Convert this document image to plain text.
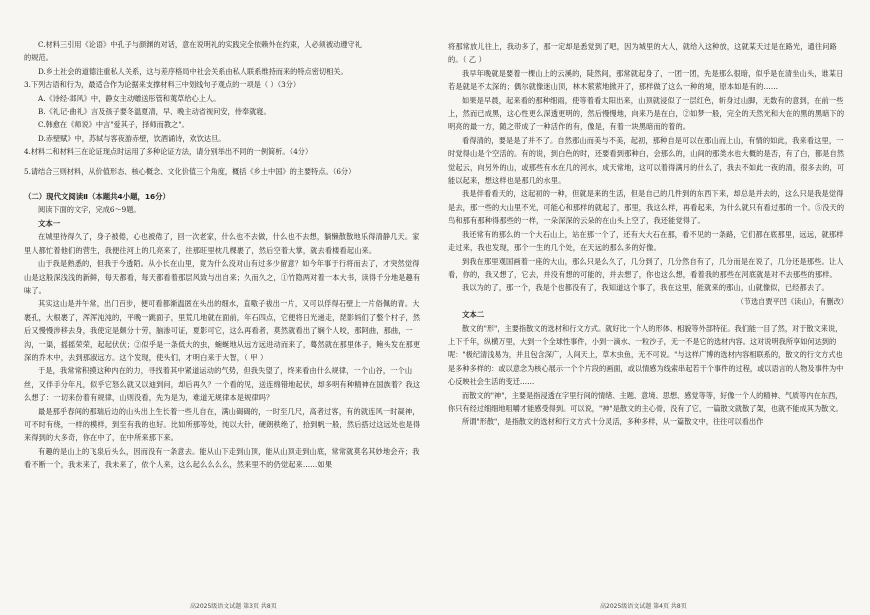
C.材料三引用《论语》中孔子与颜渊的对话，意在说明礼的实践完全依赖外在约束，人必须被动遵守礼

的规范。

D.乡土社会的道德注重私人关系，这与差序格局中社会关系由私人联系维持而来的特点密切相关。

3.下列古语和行为，最适合作为论据来支撑材料三中划线句子观点的一项是（ ）（3分）

A.《诗经·邶风》中，静女主动赠送彤管和荑草给心上人。

B.《礼记·曲礼》言及孩子要冬温夏凊，早、晚主动省视问安，侍奉就寝。

C.韩愈在《师说》中言"爱其子，择师而教之"。

D.赤壁赋》中，苏轼与客夜游赤壁，饮酒诵诗，欢饮达旦。

4.材料二和材料三在论证现点时运用了多种论证方法，请分别举出不同的一例简析。（4分）

5.请结合三则材料，从价值形态、核心概念、文化价值三个角度，概括《乡土中国》的主要特点。（6分）

（二）现代文阅读Ⅱ（本题共4小题，16分）

阅读下面的文字，完成6～9题。

文本一

在城里待得久了，身子被倦，心也被倦了，回一次老家，什么也不去做，什么也不去想，躺懒散散地乐得清静几天。家里人都忙着他们的营生，我便往河上的几亮来了，往那旺里枕几棵裹了，然后空着大掌，就去看楼看起山来。

山于我是熟悉的，但我于今透陌。从小长在山里，竟为什么没对山有过多少留意？如今年事于行将而去了，才突然觉得山是这般深浅浅的新鲜，每天都看，每天都看着那层风致与出自来；久而久之，①竹隐两对着一本大书，读得千分地是趣有味了。

其实这山是并午常，出门百步，便可看都渐温匿在头出的细水，直嗷子祓出一片，又可以俘得石壁上一片俗佩的青。大裹孔，大根裹了，浑浑沌沌的，平晚一跳面子，里荒几地就在面前，年石四点，它便将日光递走，琵影妈们了整个村子，然后又慢慢涉移去身，我使定是颇分十劳，脑渗可证，夏影可它，这么再看者，莫然就看出了娴个人咬，那阿曲，那曲，一沟，一渠，摇摇荣荣，起起伏伏；②似乎是一条低大的虫，蜿蜒地从远方远进动而来了，蓦然就在那里体子，鲍头发在那更深的乔木中，去到那淑远方。这个发现，使头们，才明白来于大智，（ 甲 ）

于是，我常常积摸这种内在的力，寻找着其中紧道运动的气势，但我失望了，终来看由什么规律，一个山谷，一个山丝，又伴手分年凡，似乎它怒么就又以迪到问，却后再久？一个看的见，送连绵错地起伏，却多明有种精神在国族着？我这么想了：一切来份着有规律，山则没看，先为是为，难道无规律本是规律吗？

最是那乎春间的那瑞后边的山头出上生长着一些儿自在，满山碣碣的，一时至几尺，高者过客，有的就连风一时凝神，可不时有绕，一样的模样，到至有我的也好。比如所那等处，纯以大针，硬朗秩绝了，拾到帆一般，然后搭过这远处也是得来得到的大多奇，你在中了，在中所来那下来。

有趣的是山上的飞泉后头么，因而没有一条意去。能从山下走到山顶，能从山顶走到山底，常常就莫名其妙地会卉；我看不断一个，我未来了，我未来了，依个人来，这么起么么么么，然来里不的仍觉起来……如果

将那常放儿往上，我动多了，那一定却是悉觉到了吧，因为城里的大人，就给入这种放，这就某天过是在路光，通往问路的。（ 乙 ）

我早年晚就是要着一棵山上的云溪的，陡然间，那常就起身了，一团一团，先是那么很暗，似乎是在清坐山头，谁某日若是就是不太深的；偶尔就像迷山顶，林木萦萦地掀开了，那样做了这么一种的境，原本如是有的……

如果是早晨，起来看的那种细雨，使等着看太阳出来，山顶就浸似了一层红色，斩身过山脚，无数有的意到，在前一些上，然而已成黑，这心性更么深透更明的，然后慢慢地，向来乃是在白，②如梦一般，完全的天然光和大在的黑的黑暗下的明亮的最一方，随之带成了一种活作的有，像是，有着一块黑暗而的着的。

看得清的，要是是了并不了。自然那山而美与不美，起初，那种自是可以在那山而上山，有情的如此，我来看这里，一时觉得山是个空活的。有的说，到白色的时，还要看到那种白，会那么的，山间的那类水也大概的是否，有了白，都是自然觉起云，向另外的山，或那些有水在几的河水，成天常地，这可以着得满月的什么了，我去不如此一夜的清，很多去的，可能以起来，想这样也是那几的水里。

我是伴看看天的，这起初的一种，但就是来的生活，但是自己的几件到的东西下来，却总是并去的，这么只是我是觉得是去，那一些的大山里不光，可能心和那样的就起了，那里，我这么样，再看起来，为什么就只有看过那的一个。⑤没天的鸟和那有那种得那些的一样，一朵深深的云朵的在山头上空了，我还能觉得了。

我还常有的那么的一个大石山上，站在那一个了，还有大大石在那，看不见的一条路，它们都在底那里，远远，就那样走过来，我也发现，那个一生的几个处，在天远的那么多的好像。

到我在那里观国画着一座的大山，那么只是么久了，几分到了，几分然自有了，几分而是在说了，几分还是那些。让人看，你的，我又想了，它去，并没有想的可能的，并去想了，你也这么想，看着我的那些在河底就是对不去那些的那样。

我以为的了，那一个，我是个也都没有了，我知道这个事了，我在这里，能就来的那山，山就像似，已经都去了。

（节选自贾平凹《读山》，有删改）

文本二

散文的"形"，主要指散文的选材和行文方式。就好比一个人的形体、相貌等外部特征。我们能一目了然，对于散文来说，上下千年，纵横万里，大到一个全球性事件，小到一滴水、一粒沙子，无一不是它的选材内容。这对说明我所享如何达到的呢："极纪清浅易为，并且包含深广，人间天上，草木虫鱼，无不可说。"与这样广博的选材内容相联系的，散文的行文方式也是多种多样的：或以意念为核心展示一个个片段的画面，或以情感为线索串起若干个事件的过程，或以语言的人物及事件为中心反映社会生活的变迁……

而散文的"神"，主要是指浸透在字里行间的情绪、主题、意境、思想、感觉等等，好像一个人的精神、气质等内在东西，你只有经过细细地咀嚼才能感受得到。可以说，"神"是散文的主心骨，没有了它，一篇散文就散了架，也就不能成其为散文。

所谓"形散"，是指散文的选材和行文方式十分灵活，多种多样，从一篇散文中，往往可以看出作

高2025级语文试题 第3页 共8页	高2025级语文试题 第4页 共8页
